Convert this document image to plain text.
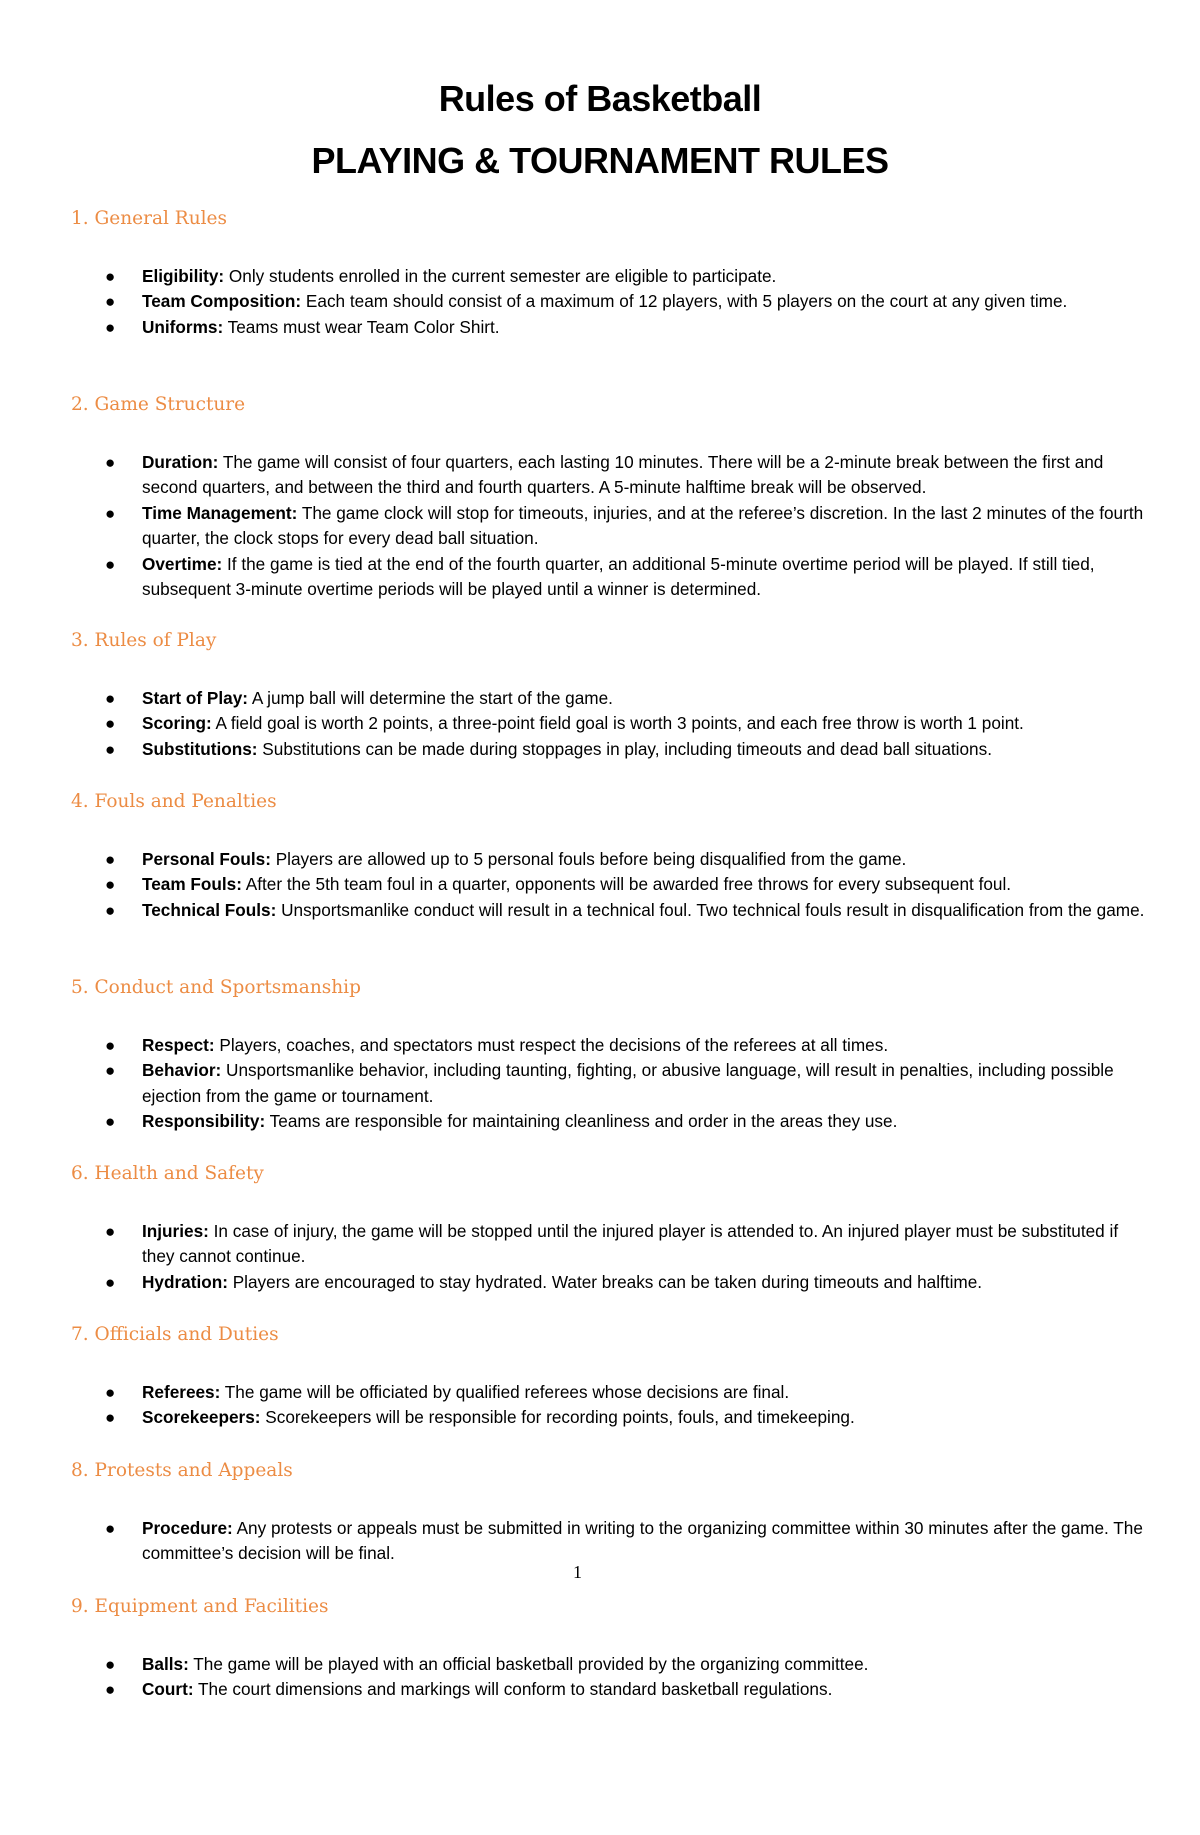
Rules of Basketball
PLAYING & TOURNAMENT RULES
1. General Rules
● Eligibility: Only students enrolled in the current semester are eligible to participate.
● Team Composition: Each team should consist of a maximum of 12 players, with 5 players on the court at any given time.
● Uniforms: Teams must wear Team Color Shirt.
2. Game Structure
● Duration: The game will consist of four quarters, each lasting 10 minutes. There will be a 2-minute break between the first and second quarters, and between the third and fourth quarters. A 5-minute halftime break will be observed.
● Time Management: The game clock will stop for timeouts, injuries, and at the referee’s discretion. In the last 2 minutes of the fourth quarter, the clock stops for every dead ball situation.
● Overtime: If the game is tied at the end of the fourth quarter, an additional 5-minute overtime period will be played. If still tied, subsequent 3-minute overtime periods will be played until a winner is determined.
3. Rules of Play
● Start of Play: A jump ball will determine the start of the game.
● Scoring: A field goal is worth 2 points, a three-point field goal is worth 3 points, and each free throw is worth 1 point.
● Substitutions: Substitutions can be made during stoppages in play, including timeouts and dead ball situations.
4. Fouls and Penalties
● Personal Fouls: Players are allowed up to 5 personal fouls before being disqualified from the game.
● Team Fouls: After the 5th team foul in a quarter, opponents will be awarded free throws for every subsequent foul.
● Technical Fouls: Unsportsmanlike conduct will result in a technical foul. Two technical fouls result in disqualification from the game.
5. Conduct and Sportsmanship
● Respect: Players, coaches, and spectators must respect the decisions of the referees at all times.
● Behavior: Unsportsmanlike behavior, including taunting, fighting, or abusive language, will result in penalties, including possible ejection from the game or tournament.
● Responsibility: Teams are responsible for maintaining cleanliness and order in the areas they use.
6. Health and Safety
● Injuries: In case of injury, the game will be stopped until the injured player is attended to. An injured player must be substituted if they cannot continue.
● Hydration: Players are encouraged to stay hydrated. Water breaks can be taken during timeouts and halftime.
7. Officials and Duties
● Referees: The game will be officiated by qualified referees whose decisions are final.
● Scorekeepers: Scorekeepers will be responsible for recording points, fouls, and timekeeping.
8. Protests and Appeals
● Procedure: Any protests or appeals must be submitted in writing to the organizing committee within 30 minutes after the game. The committee’s decision will be final.
1
9. Equipment and Facilities
● Balls: The game will be played with an official basketball provided by the organizing committee.
● Court: The court dimensions and markings will conform to standard basketball regulations.
